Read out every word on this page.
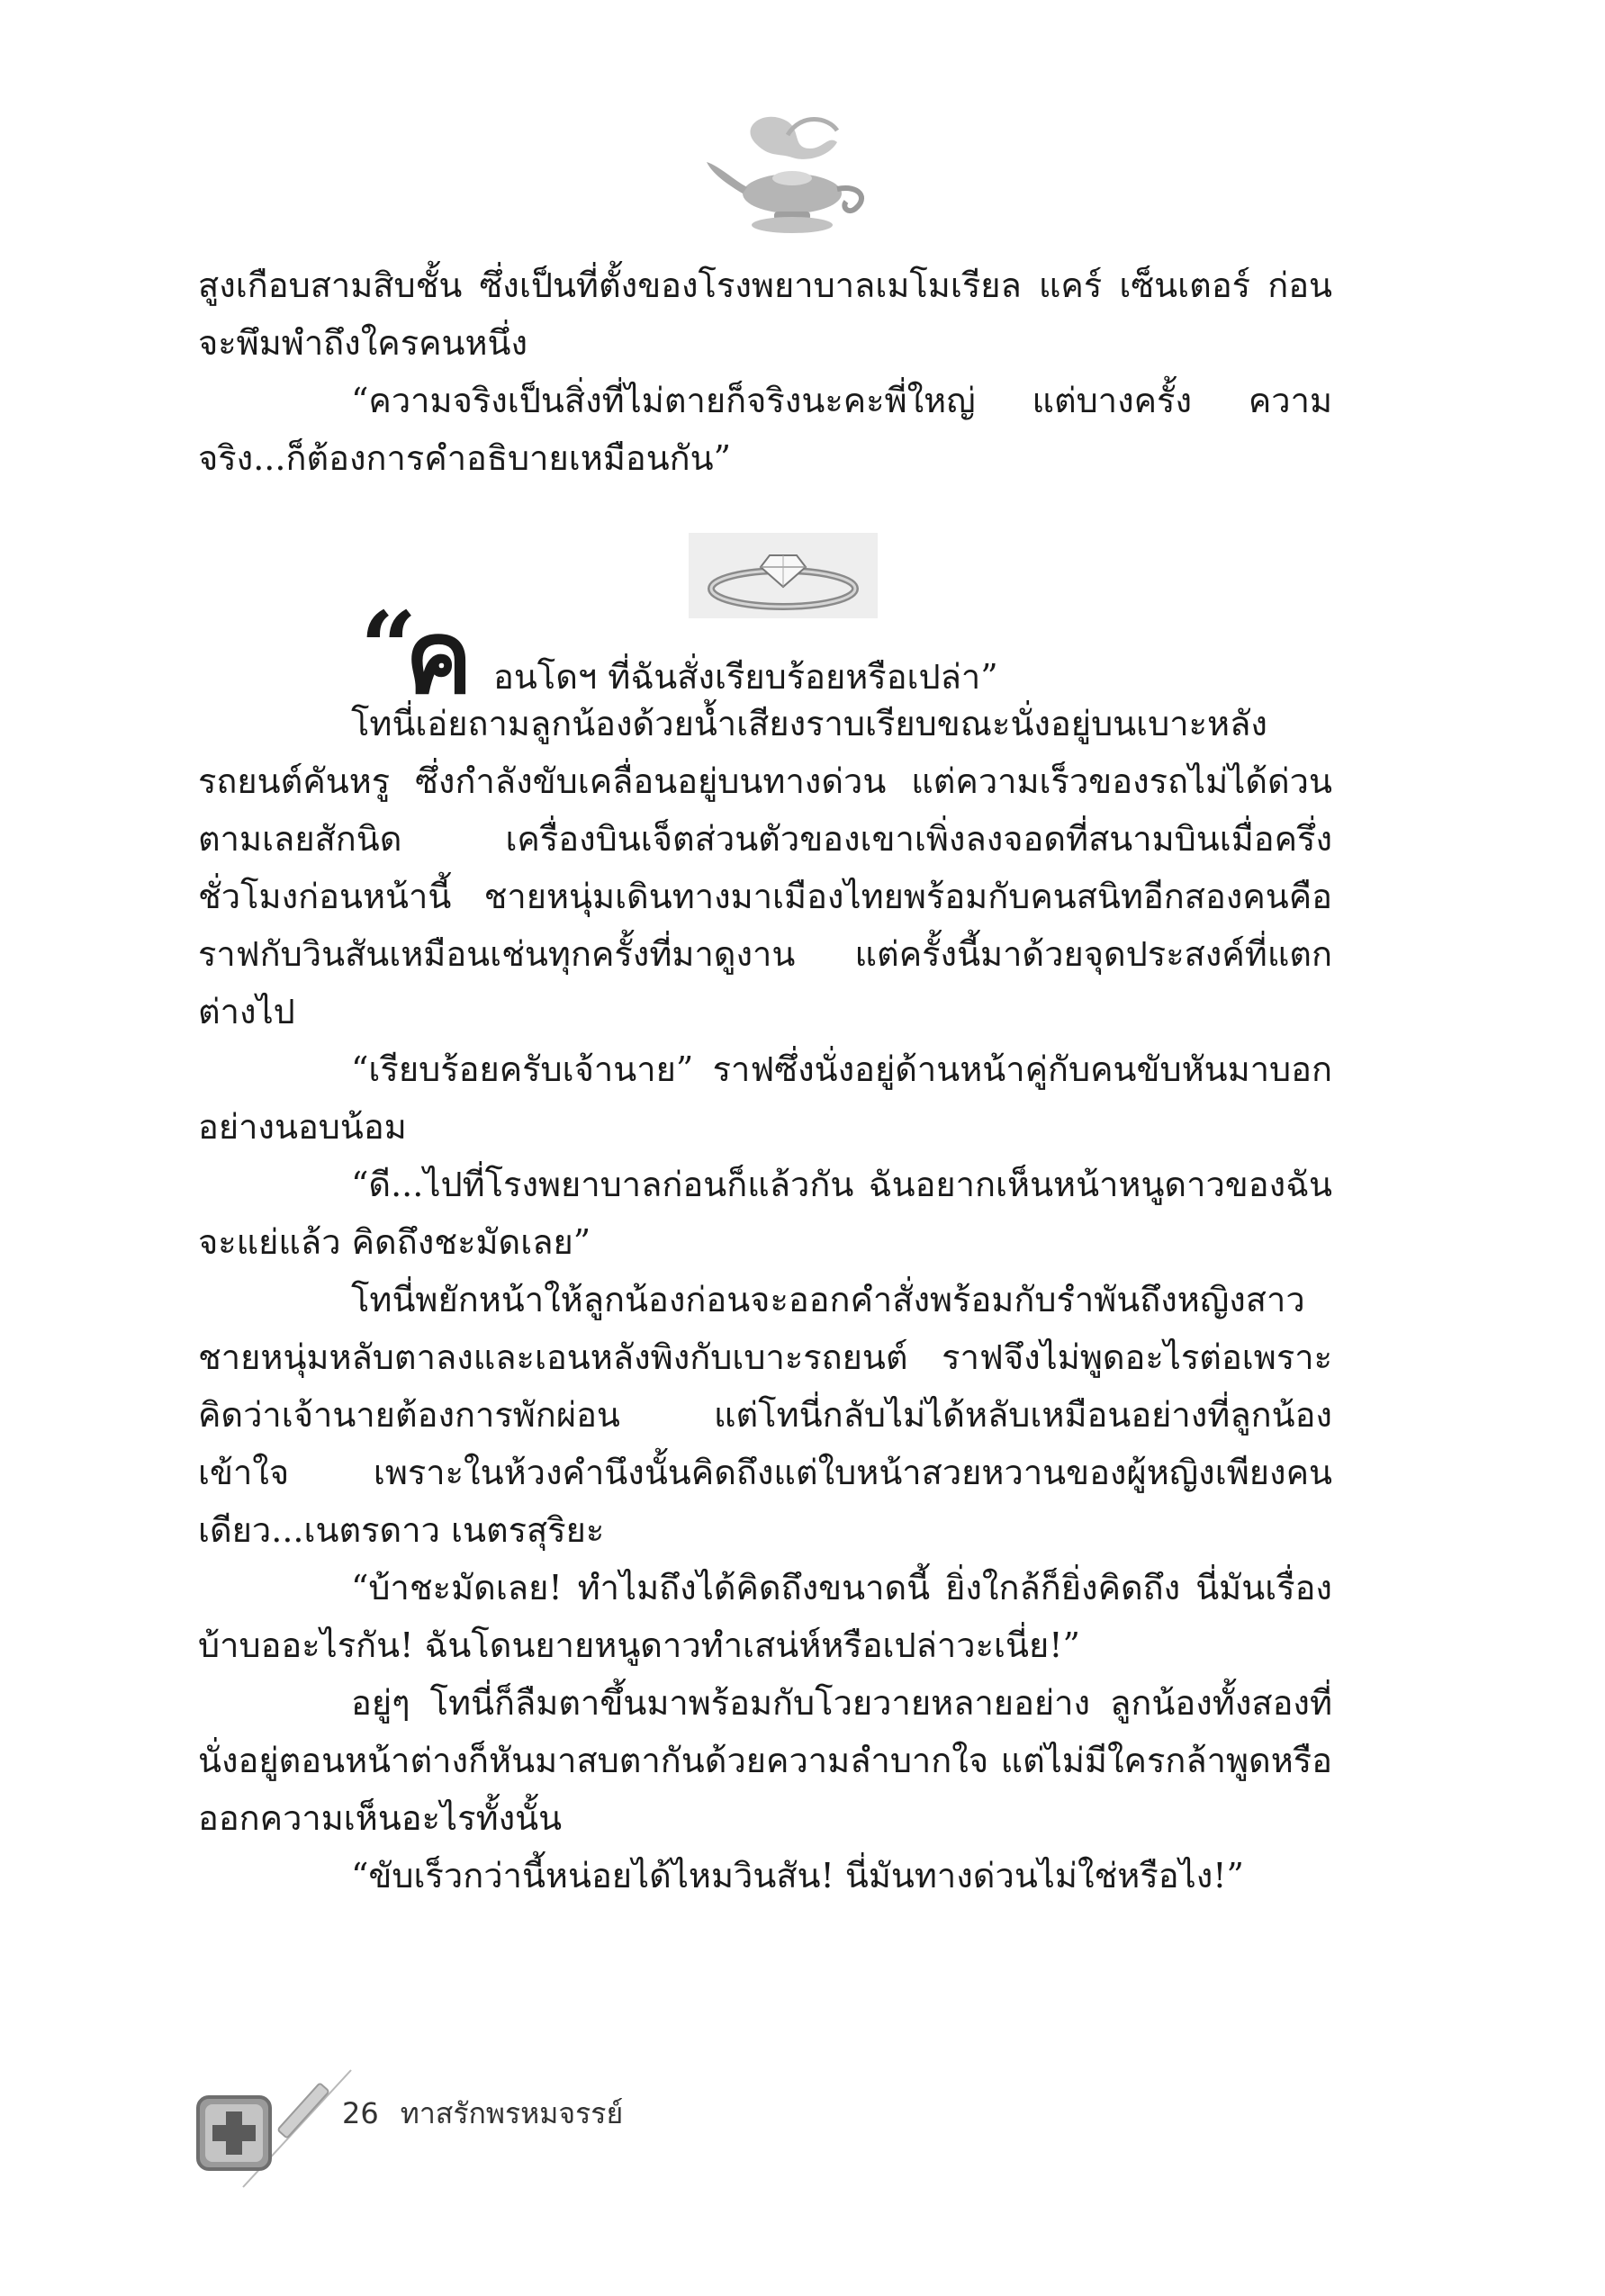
สูงเกือบสามสิบชั้น ซึ่งเป็นที่ตั้งของโรงพยาบาลเมโมเรียล แคร์ เซ็นเตอร์ ก่อนจะพึมพำถึงใครคนหนึ่ง

“ความจริงเป็นสิ่งที่ไม่ตายก็จริงนะคะพี่ใหญ่ แต่บางครั้ง ความจริง...ก็ต้องการคำอธิบายเหมือนกัน”

“
ค อนโดฯ ที่ฉันสั่งเรียบร้อยหรือเปล่า”

โทนี่เอ่ยถามลูกน้องด้วยน้ำเสียงราบเรียบขณะนั่งอยู่บนเบาะหลังรถยนต์คันหรู ซึ่งกำลังขับเคลื่อนอยู่บนทางด่วน แต่ความเร็วของรถไม่ได้ด่วนตามเลยสักนิด เครื่องบินเจ็ตส่วนตัวของเขาเพิ่งลงจอดที่สนามบินเมื่อครึ่งชั่วโมงก่อนหน้านี้ ชายหนุ่มเดินทางมาเมืองไทยพร้อมกับคนสนิทอีกสองคนคือราฟกับวินสันเหมือนเช่นทุกครั้งที่มาดูงาน แต่ครั้งนี้มาด้วยจุดประสงค์ที่แตกต่างไป

“เรียบร้อยครับเจ้านาย” ราฟซึ่งนั่งอยู่ด้านหน้าคู่กับคนขับหันมาบอกอย่างนอบน้อม

“ดี...ไปที่โรงพยาบาลก่อนก็แล้วกัน ฉันอยากเห็นหน้าหนูดาวของฉันจะแย่แล้ว คิดถึงชะมัดเลย”

โทนี่พยักหน้าให้ลูกน้องก่อนจะออกคำสั่งพร้อมกับรำพันถึงหญิงสาว ชายหนุ่มหลับตาลงและเอนหลังพิงกับเบาะรถยนต์ ราฟจึงไม่พูดอะไรต่อเพราะคิดว่าเจ้านายต้องการพักผ่อน แต่โทนี่กลับไม่ได้หลับเหมือนอย่างที่ลูกน้องเข้าใจ เพราะในห้วงคำนึงนั้นคิดถึงแต่ใบหน้าสวยหวานของผู้หญิงเพียงคนเดียว...เนตรดาว เนตรสุริยะ

“บ้าชะมัดเลย! ทำไมถึงได้คิดถึงขนาดนี้ ยิ่งใกล้ก็ยิ่งคิดถึง นี่มันเรื่องบ้าบออะไรกัน! ฉันโดนยายหนูดาวทำเสน่ห์หรือเปล่าวะเนี่ย!”

อยู่ๆ โทนี่ก็ลืมตาขึ้นมาพร้อมกับโวยวายหลายอย่าง ลูกน้องทั้งสองที่นั่งอยู่ตอนหน้าต่างก็หันมาสบตากันด้วยความลำบากใจ แต่ไม่มีใครกล้าพูดหรือออกความเห็นอะไรทั้งนั้น

“ขับเร็วกว่านี้หน่อยได้ไหมวินสัน! นี่มันทางด่วนไม่ใช่หรือไง!”

26 ทาสรักพรหมจรรย์
